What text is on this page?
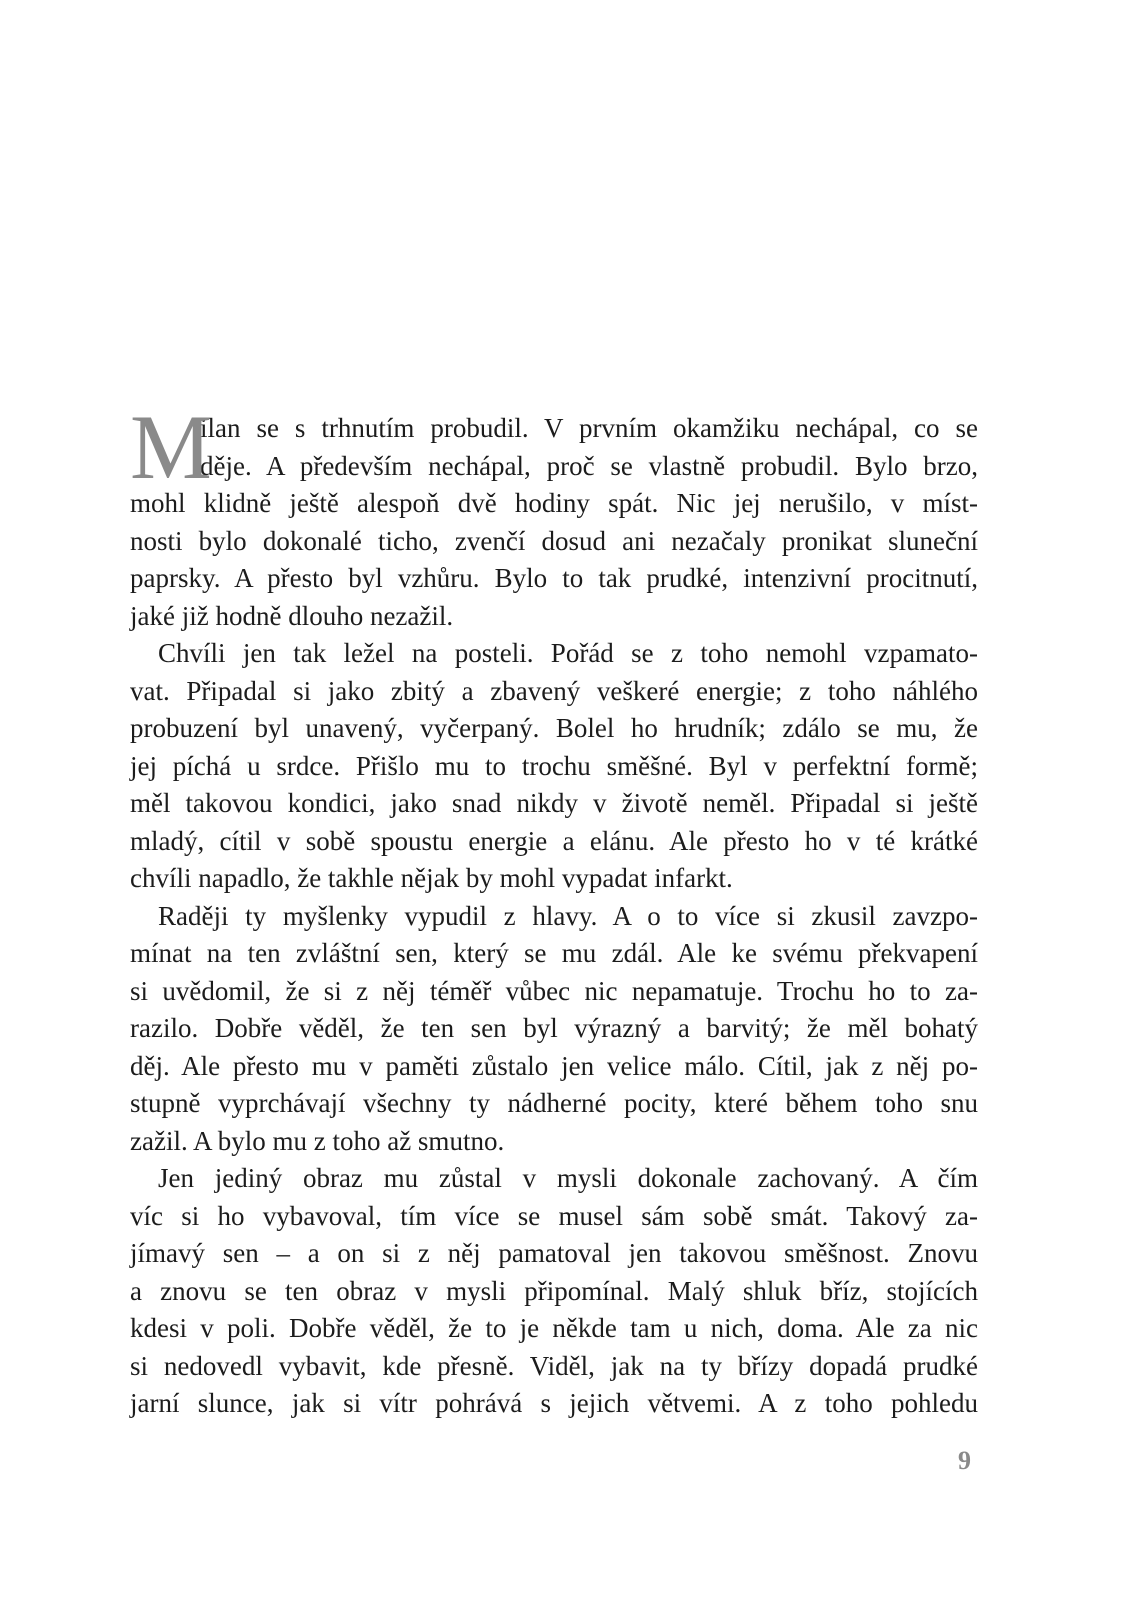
M
ilan se s trhnutím probudil. V prvním okamžiku nechápal, co se
děje. A především nechápal, proč se vlastně probudil. Bylo brzo,
mohl klidně ještě alespoň dvě hodiny spát. Nic jej nerušilo, v míst-
nosti bylo dokonalé ticho, zvenčí dosud ani nezačaly pronikat sluneční
paprsky. A přesto byl vzhůru. Bylo to tak prudké, intenzivní procitnutí,
jaké již hodně dlouho nezažil.
Chvíli jen tak ležel na posteli. Pořád se z toho nemohl vzpamato-
vat. Připadal si jako zbitý a zbavený veškeré energie; z toho náhlého
probuzení byl unavený, vyčerpaný. Bolel ho hrudník; zdálo se mu, že
jej píchá u srdce. Přišlo mu to trochu směšné. Byl v perfektní formě;
měl takovou kondici, jako snad nikdy v životě neměl. Připadal si ještě
mladý, cítil v sobě spoustu energie a elánu. Ale přesto ho v té krátké
chvíli napadlo, že takhle nějak by mohl vypadat infarkt.
Raději ty myšlenky vypudil z hlavy. A o to více si zkusil zavzpo-
mínat na ten zvláštní sen, který se mu zdál. Ale ke svému překvapení
si uvědomil, že si z něj téměř vůbec nic nepamatuje. Trochu ho to za-
razilo. Dobře věděl, že ten sen byl výrazný a barvitý; že měl bohatý
děj. Ale přesto mu v paměti zůstalo jen velice málo. Cítil, jak z něj po-
stupně vyprchávají všechny ty nádherné pocity, které během toho snu
zažil. A bylo mu z toho až smutno.
Jen jediný obraz mu zůstal v mysli dokonale zachovaný. A čím
víc si ho vybavoval, tím více se musel sám sobě smát. Takový za-
jímavý sen – a on si z něj pamatoval jen takovou směšnost. Znovu
a znovu se ten obraz v mysli připomínal. Malý shluk bříz, stojících
kdesi v poli. Dobře věděl, že to je někde tam u nich, doma. Ale za nic
si nedovedl vybavit, kde přesně. Viděl, jak na ty břízy dopadá prudké
jarní slunce, jak si vítr pohrává s jejich větvemi. A z toho pohledu
9
